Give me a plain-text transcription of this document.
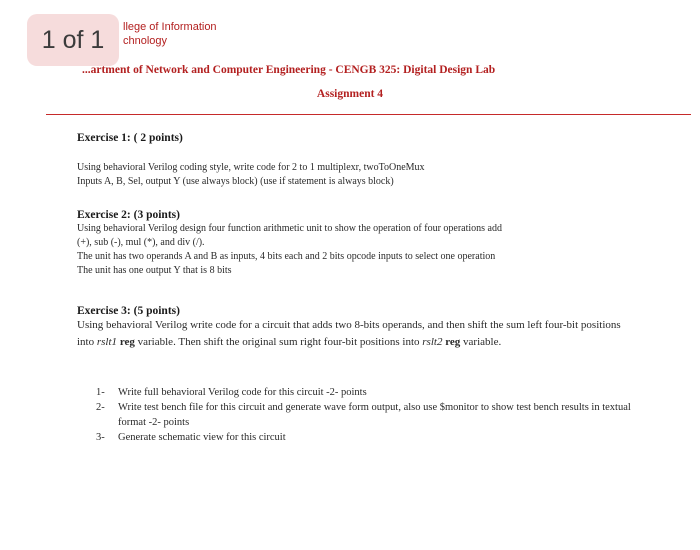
1 of 1	llege of Information
chnology
...artment of Network and Computer Engineering - CENGB 325: Digital Design Lab
Assignment 4
Exercise 1: ( 2 points)

Using behavioral Verilog coding style, write code for 2 to 1 multiplexr, twoToOneMux

Inputs A, B, Sel, output Y (use always block) (use if statement is always block)

Exercise 2: (3 points)

Using behavioral Verilog design four function arithmetic unit to show the operation of four operations add

(+), sub (-), mul (*), and div (/).

The unit has two operands A and B as inputs, 4 bits each and 2 bits opcode inputs to select one operation

The unit has one output Y that is 8 bits

Exercise 3: (5 points)

Using behavioral Verilog write code for a circuit that adds two 8-bits operands, and then shift the sum left four-bit positions into rslt1 reg variable. Then shift the original sum right four-bit positions into rslt2 reg variable.

1- Write full behavioral Verilog code for this circuit -2- points
2- Write test bench file for this circuit and generate wave form output, also use $monitor to show test bench results in textual format -2- points
3- Generate schematic view for this circuit
